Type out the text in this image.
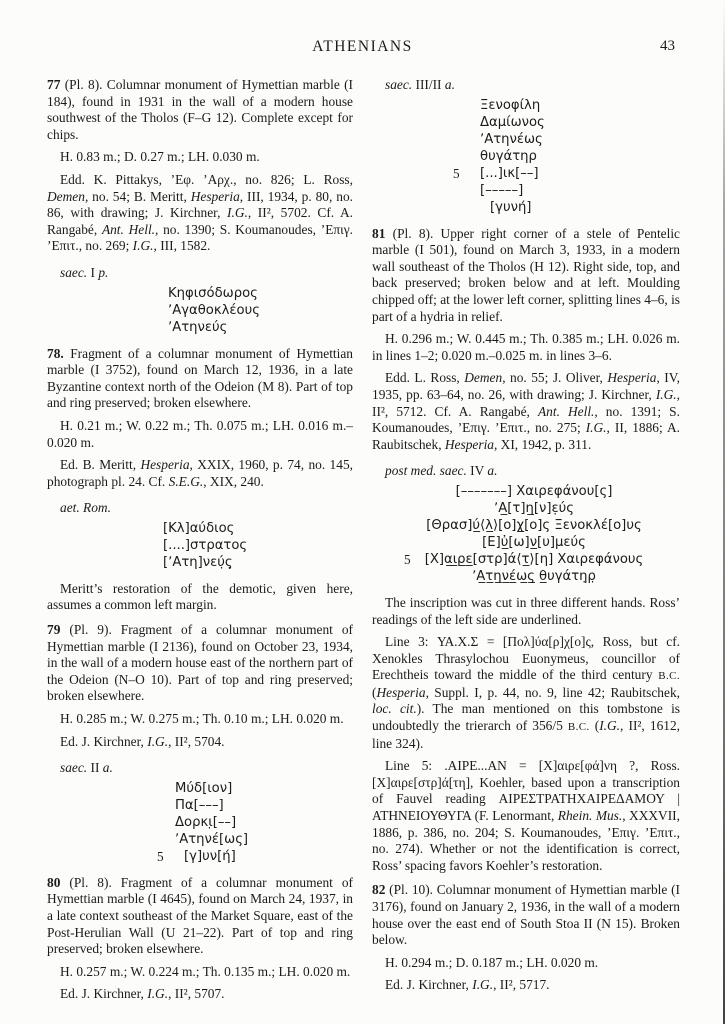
ATHENIANS	43
77 (Pl. 8). Columnar monument of Hymettian marble (I 184), found in 1931 in the wall of a modern house southwest of the Tholos (F–G 12). Complete except for chips.
H. 0.83 m.; D. 0.27 m.; LH. 0.030 m.
Edd. K. Pittakys, ʼΕφ. ʼΑρχ., no. 826; L. Ross, Demen, no. 54; B. Meritt, Hesperia, III, 1934, p. 80, no. 86, with drawing; J. Kirchner, I.G., II², 5702. Cf. A. Rangabé, Ant. Hell., no. 1390; S. Koumanoudes, ʼΕπιγ. ʼΕπιτ., no. 269; I.G., III, 1582.
saec. I p.
Κηφισόδωρος
ʼΑγαθοκλέους
ʼΑτηνεύς
78. Fragment of a columnar monument of Hymettian marble (I 3752), found on March 12, 1936, in a late Byzantine context north of the Odeion (M 8). Part of top and ring preserved; broken elsewhere.
H. 0.21 m.; W. 0.22 m.; Th. 0.075 m.; LH. 0.016 m.–0.020 m.
Ed. B. Meritt, Hesperia, XXIX, 1960, p. 74, no. 145, photograph pl. 24. Cf. S.E.G., XIX, 240.
aet. Rom.
[Κλ]αύδιος
[....]στρατος
[ʼΑτη]νεύ̣ς̣
Meritt’s restoration of the demotic, given here, assumes a common left margin.
79 (Pl. 9). Fragment of a columnar monument of Hymettian marble (I 2136), found on October 23, 1934, in the wall of a modern house east of the northern part of the Odeion (N–O 10). Part of top and ring preserved; broken elsewhere.
H. 0.285 m.; W. 0.275 m.; Th. 0.10 m.; LH. 0.020 m.
Ed. J. Kirchner, I.G., II², 5704.
saec. II a.
Μύδ[ιον]
Πα[–––]
Δορκι̣[––]
ʼΑτηνέ[ως]
5 [γ]υν[ή]
80 (Pl. 8). Fragment of a columnar monument of Hymettian marble (I 4645), found on March 24, 1937, in a late context southeast of the Market Square, east of the Post-Herulian Wall (U 21–22). Part of top and ring preserved; broken elsewhere.
H. 0.257 m.; W. 0.224 m.; Th. 0.135 m.; LH. 0.020 m.
Ed. J. Kirchner, I.G., II², 5707.
saec. III/II a.
Ξενοφίλη
Δαμίωνος
ʼΑτηνέως
θυγάτηρ
5 [...]ικ[––]
[–––––]
[γυνή]
81 (Pl. 8). Upper right corner of a stele of Pentelic marble (I 501), found on March 3, 1933, in a modern wall southeast of the Tholos (H 12). Right side, top, and back preserved; broken below and at left. Moulding chipped off; at the lower left corner, splitting lines 4–6, is part of a hydria in relief.
H. 0.296 m.; W. 0.445 m.; Th. 0.385 m.; LH. 0.026 m. in lines 1–2; 0.020 m.–0.025 m. in lines 3–6.
Edd. L. Ross, Demen, no. 55; J. Oliver, Hesperia, IV, 1935, pp. 63–64, no. 26, with drawing; J. Kirchner, I.G., II², 5712. Cf. A. Rangabé, Ant. Hell., no. 1391; S. Koumanoudes, ʼΕπιγ. ʼΕπιτ., no. 275; I.G., II, 1886; A. Raubitschek, Hesperia, XI, 1942, p. 311.
post med. saec. IV a.
[–––––––] Χαιρεφάνου[ς]
ʼΑ̲[τ]η̲[ν]ε̣ύς
[Θρασ]ύ̲⟨λ̲⟩[ο]χ̲[ο]ς Ξενοκλέ[ο]υς
[Ε]ὐ̲[ω]ν̲[υ]μεύς
5 [Χ]α̲ι̲ρ̲ε̲[στρ]ά⟨τ̲⟩[η] Χαιρεφάνους
ʼΑ̲τ̲η̲ν̲έ̲ω̲ς̲ θ̲υγάτη̣ρ̣
The inscription was cut in three different hands. Ross’ readings of the left side are underlined.
Line 3: ΥΑ.Χ.Σ = [Πολ]ύα[ρ]χ[ο]ς, Ross, but cf. Xenokles Thrasylochou Euonymeus, councillor of Erechtheis toward the middle of the third century B.C. (Hesperia, Suppl. I, p. 44, no. 9, line 42; Raubitschek, loc. cit.). The man mentioned on this tombstone is undoubtedly the trierarch of 356/5 B.C. (I.G., II², 1612, line 324).
Line 5: .ΑΙΡΕ...ΑΝ = [Χ]αιρε[φά]νη ?, Ross. [Χ]αιρε[στρ]ά[τη], Koehler, based upon a transcription of Fauvel reading ΑΙΡΕΣΤΡΑΤΗΧΑΙΡΕΔΑΜΟΥ | ΑΤΗΝΕΙΟΥΘΥΓΑ (F. Lenormant, Rhein. Mus., XXXVII, 1886, p. 386, no. 204; S. Koumanoudes, ʼΕπιγ. ʼΕπιτ., no. 274). Whether or not the identification is correct, Ross’ spacing favors Koehler’s restoration.
82 (Pl. 10). Columnar monument of Hymettian marble (I 3176), found on January 2, 1936, in the wall of a modern house over the east end of South Stoa II (N 15). Broken below.
H. 0.294 m.; D. 0.187 m.; LH. 0.020 m.
Ed. J. Kirchner, I.G., II², 5717.
